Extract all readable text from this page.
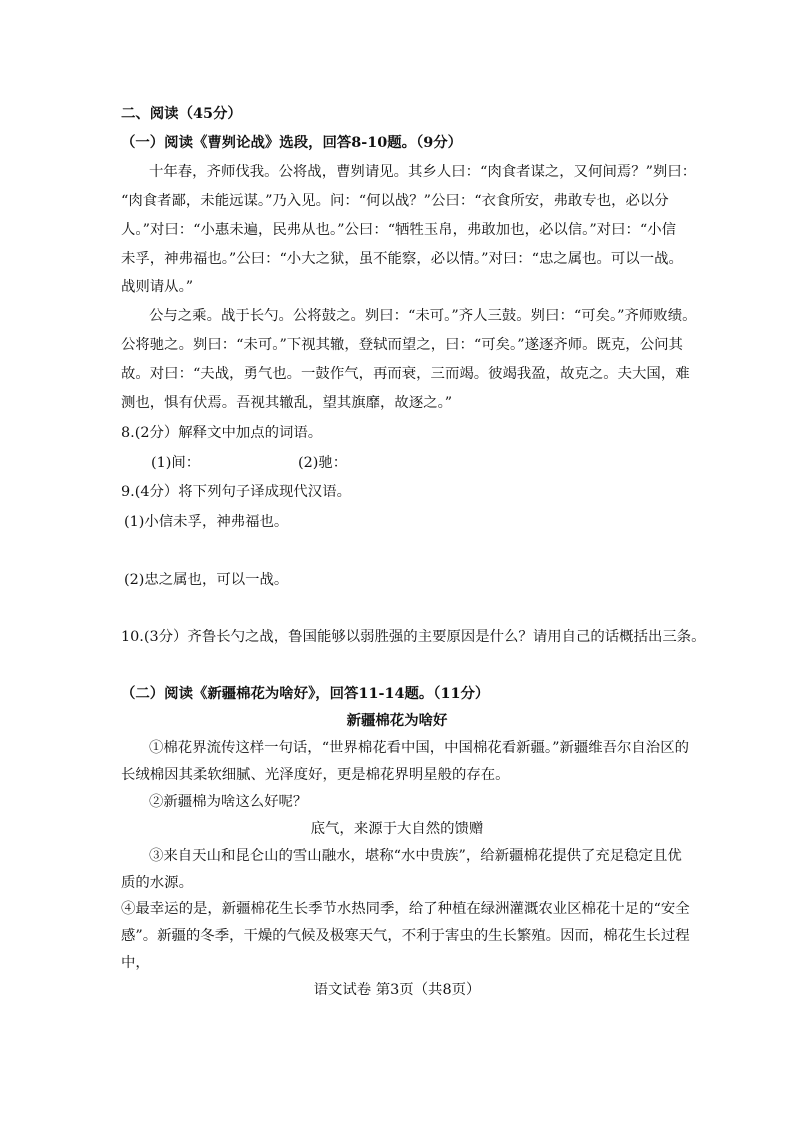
二、阅读（45分）
（一）阅读《曹刿论战》选段，回答8-10题。（9分）
十年春，齐师伐我。公将战，曹刿请见。其乡人曰：“肉食者谋之，又何间焉？”刿曰：
“肉食者鄙，未能远谋。”乃入见。问：“何以战？”公曰：“衣食所安，弗敢专也，必以分
人。”对曰：“小惠未遍，民弗从也。”公曰：“牺牲玉帛，弗敢加也，必以信。”对曰：“小信
未孚，神弗福也。”公曰：“小大之狱，虽不能察，必以情。”对曰：“忠之属也。可以一战。
战则请从。”
公与之乘。战于长勺。公将鼓之。刿曰：“未可。”齐人三鼓。刿曰：“可矣。”齐师败绩。
公将驰之。刿曰：“未可。”下视其辙，登轼而望之，曰：“可矣。”遂逐齐师。既克，公问其
故。对曰：“夫战，勇气也。一鼓作气，再而衰，三而竭。彼竭我盈，故克之。夫大国，难
测也，惧有伏焉。吾视其辙乱，望其旗靡，故逐之。”
8.(2分）解释文中加点的词语。
(1)间：	(2)驰：
9.(4分）将下列句子译成现代汉语。
(1)小信未孚，神弗福也。
(2)忠之属也，可以一战。
10.(3分）齐鲁长勺之战，鲁国能够以弱胜强的主要原因是什么？请用自己的话概括出三条。
（二）阅读《新疆棉花为啥好》，回答11-14题。（11分）
新疆棉花为啥好
①棉花界流传这样一句话，“世界棉花看中国，中国棉花看新疆。”新疆维吾尔自治区的
长绒棉因其柔软细腻、光泽度好，更是棉花界明星般的存在。
②新疆棉为啥这么好呢？
底气，来源于大自然的馈赠
③来自天山和昆仑山的雪山融水，堪称“水中贵族”，给新疆棉花提供了充足稳定且优
质的水源。
④最幸运的是，新疆棉花生长季节水热同季，给了种植在绿洲灌溉农业区棉花十足的“安全
感”。新疆的冬季，干燥的气候及极寒天气，不利于害虫的生长繁殖。因而，棉花生长过程
中，
语文试卷 第3页（共8页）
